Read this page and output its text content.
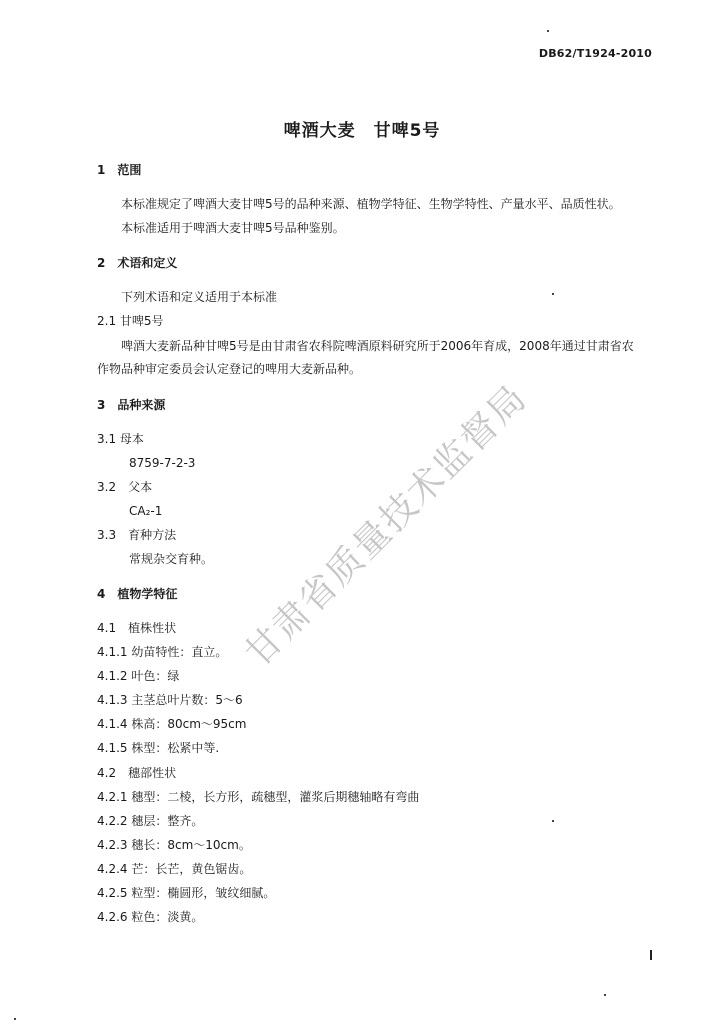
DB62/T1924-2010
啤酒大麦　甘啤5号
1　范围
本标准规定了啤酒大麦甘啤5号的品种来源、植物学特征、生物学特性、产量水平、品质性状。
本标准适用于啤酒大麦甘啤5号品种鉴别。
2　术语和定义
下列术语和定义适用于本标准
2.1 甘啤5号
啤酒大麦新品种甘啤5号是由甘肃省农科院啤酒原料研究所于2006年育成，2008年通过甘肃省农
作物品种审定委员会认定登记的啤用大麦新品种。
3　品种来源
3.1 母本
8759-7-2-3
3.2　父本
CA₂-1
3.3　育种方法
常规杂交育种。
4　植物学特征
4.1　植株性状
4.1.1 幼苗特性：直立。
4.1.2 叶色：绿
4.1.3 主茎总叶片数：5～6
4.1.4 株高：80cm～95cm
4.1.5 株型：松紧中等.
4.2　穗部性状
4.2.1 穗型：二棱，长方形，疏穗型，灌浆后期穗轴略有弯曲
4.2.2 穗层：整齐。
4.2.3 穗长：8cm～10cm。
4.2.4 芒：长芒，黄色锯齿。
4.2.5 粒型：椭圆形，皱纹细腻。
4.2.6 粒色：淡黄。
甘肃省质量技术监督局
